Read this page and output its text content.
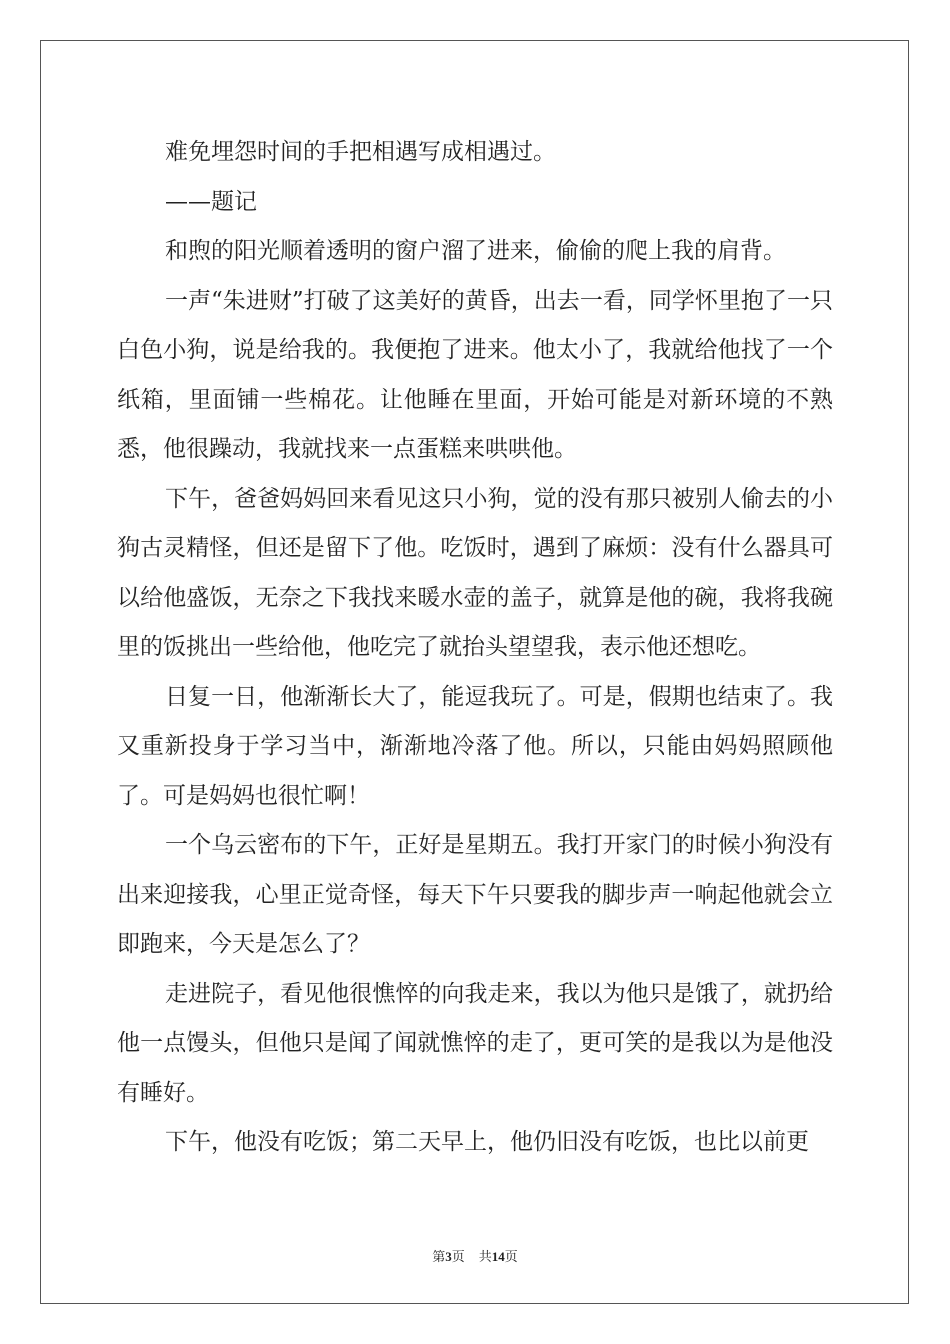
难免埋怨时间的手把相遇写成相遇过。

——题记

和煦的阳光顺着透明的窗户溜了进来，偷偷的爬上我的肩背。

一声“朱进财”打破了这美好的黄昏，出去一看，同学怀里抱了一只白色小狗，说是给我的。我便抱了进来。他太小了，我就给他找了一个纸箱，里面铺一些棉花。让他睡在里面，开始可能是对新环境的不熟悉，他很躁动，我就找来一点蛋糕来哄哄他。

下午，爸爸妈妈回来看见这只小狗，觉的没有那只被别人偷去的小狗古灵精怪，但还是留下了他。吃饭时，遇到了麻烦：没有什么器具可以给他盛饭，无奈之下我找来暖水壶的盖子，就算是他的碗，我将我碗里的饭挑出一些给他，他吃完了就抬头望望我，表示他还想吃。

日复一日，他渐渐长大了，能逗我玩了。可是，假期也结束了。我又重新投身于学习当中，渐渐地冷落了他。所以，只能由妈妈照顾他了。可是妈妈也很忙啊！

一个乌云密布的下午，正好是星期五。我打开家门的时候小狗没有出来迎接我，心里正觉奇怪，每天下午只要我的脚步声一响起他就会立即跑来，今天是怎么了？

走进院子，看见他很憔悴的向我走来，我以为他只是饿了，就扔给他一点馒头，但他只是闻了闻就憔悴的走了，更可笑的是我以为是他没有睡好。

下午，他没有吃饭；第二天早上，他仍旧没有吃饭，也比以前更

第3页 共14页
